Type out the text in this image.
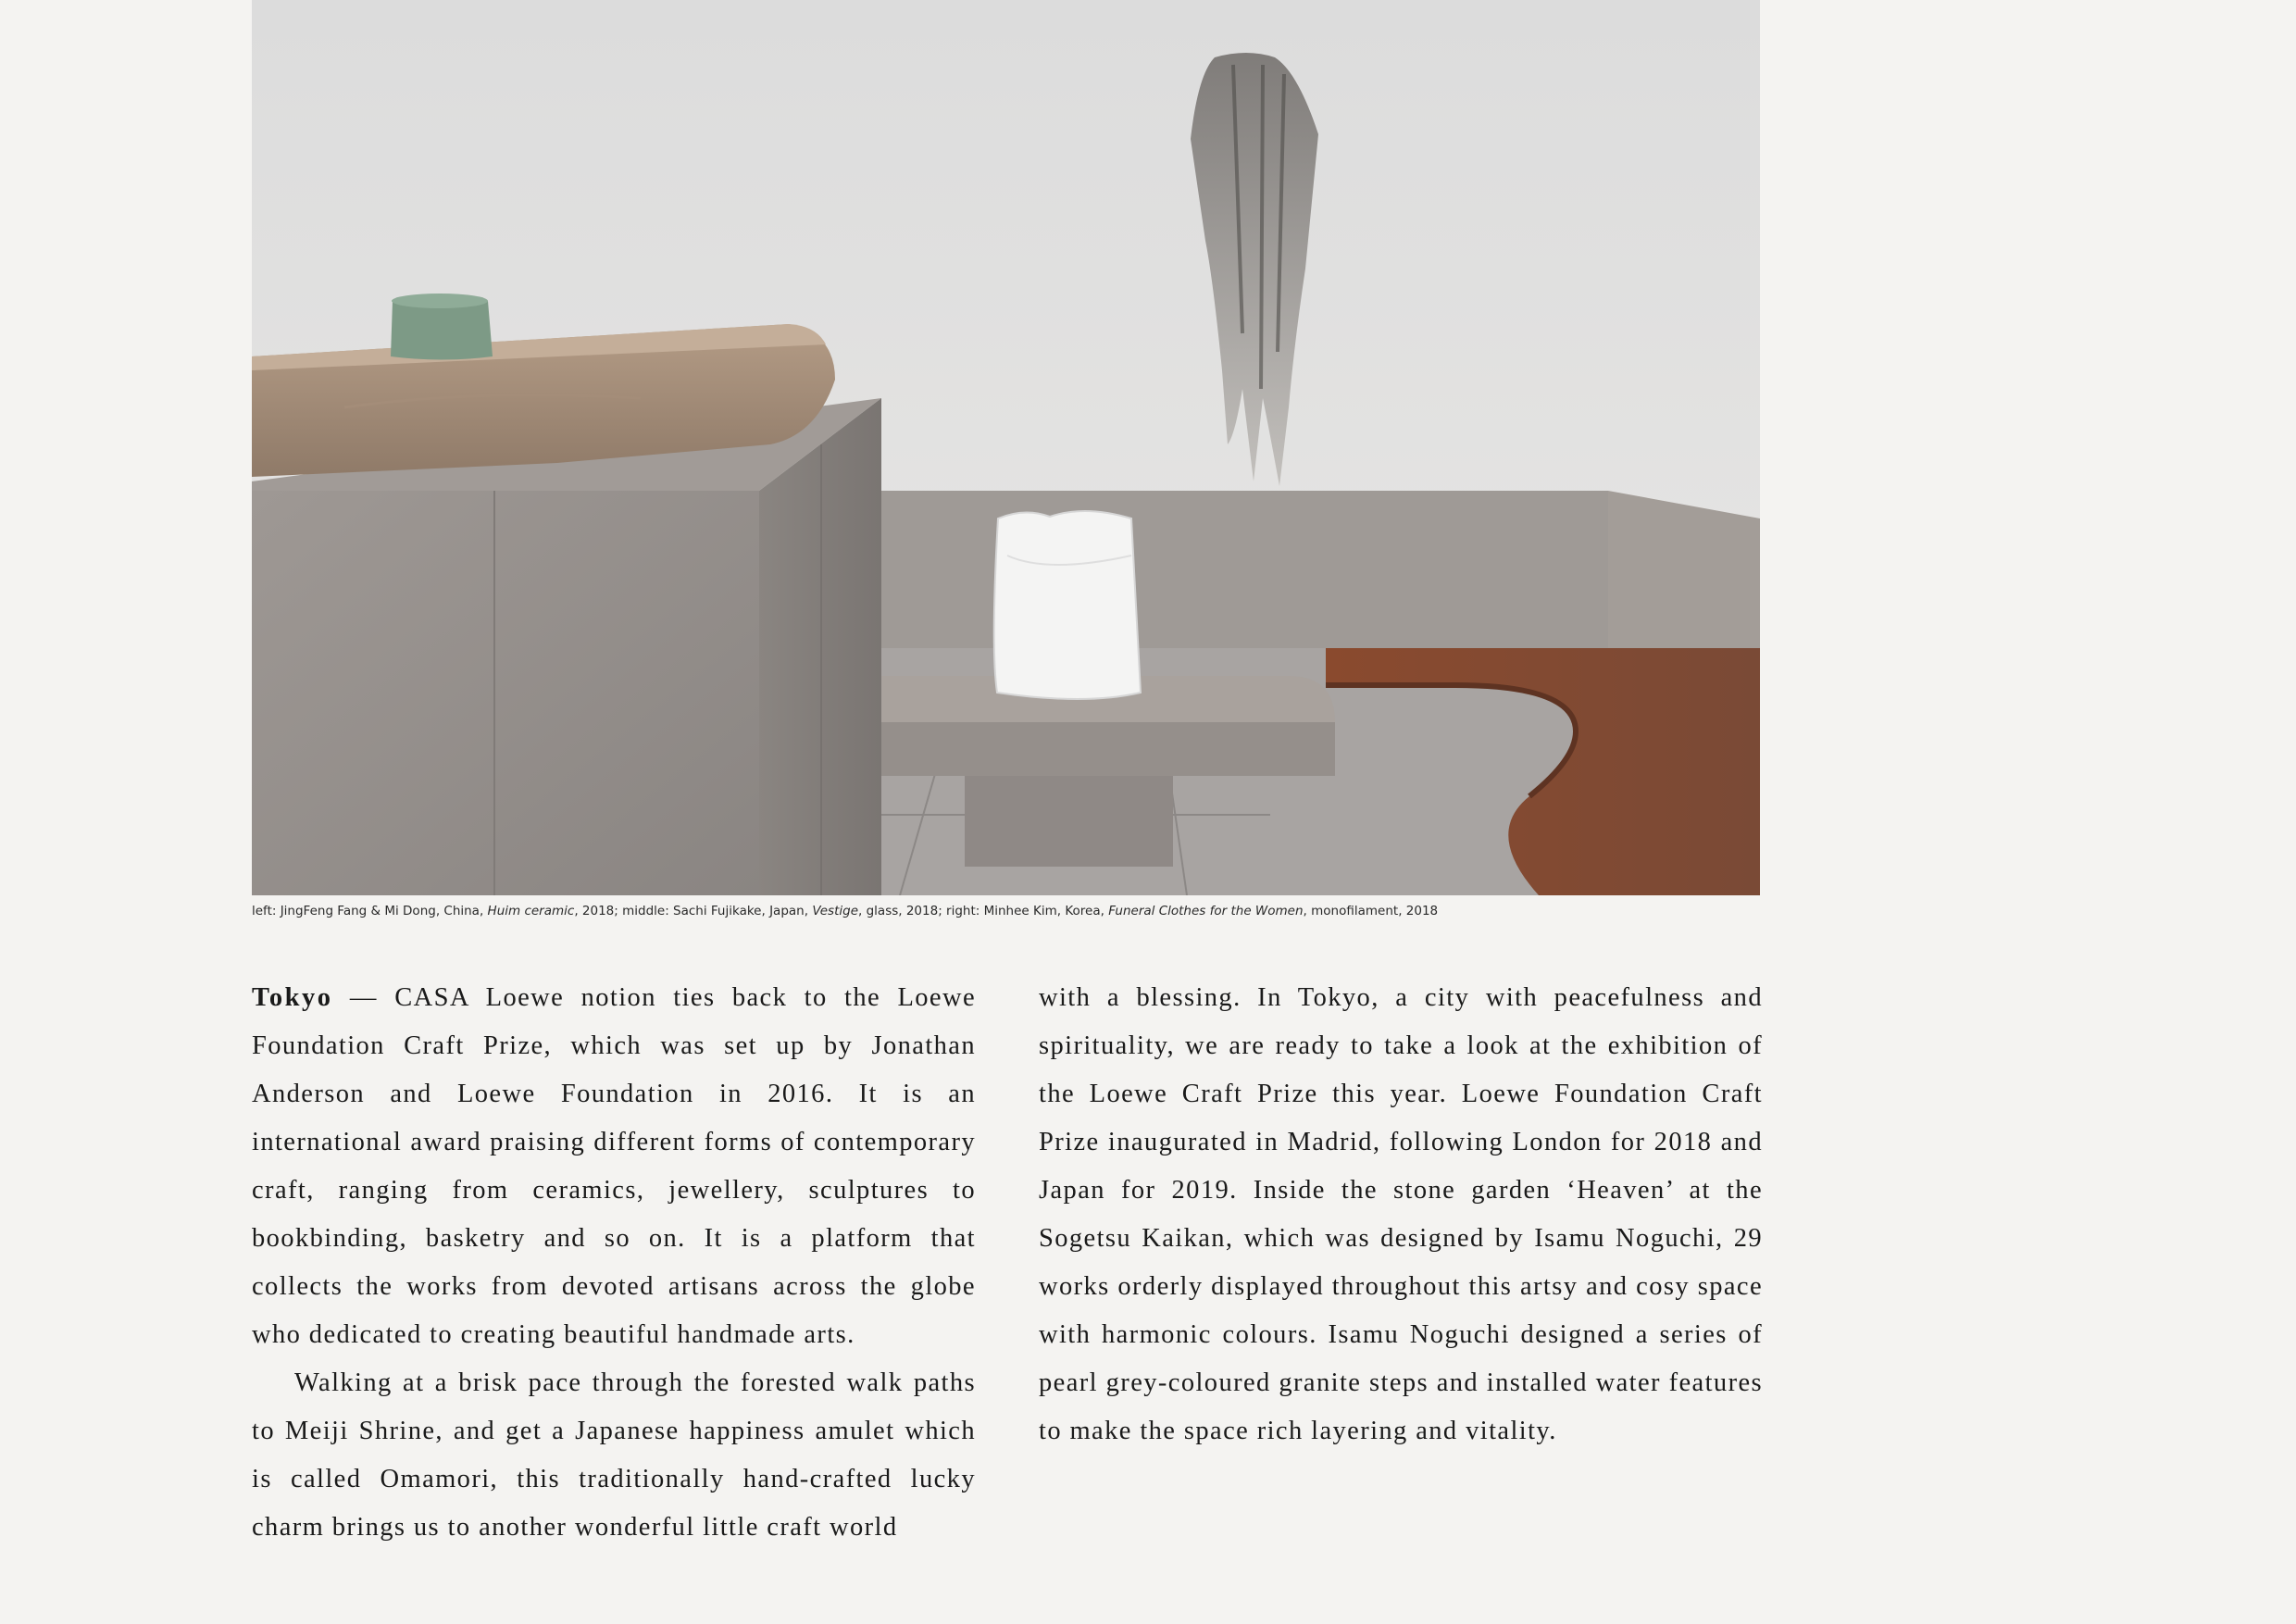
left: JingFeng Fang & Mi Dong, China, Huim ceramic, 2018; middle: Sachi Fujikake, Japan, Vestige, glass, 2018; right: Minhee Kim, Korea, Funeral Clothes for the Women, monofilament, 2018

Tokyo — CASA Loewe notion ties back to the Loewe Foundation Craft Prize, which was set up by Jonathan Anderson and Loewe Foundation in 2016. It is an international award praising different forms of contemporary craft, ranging from ceramics, jewellery, sculptures to bookbinding, basketry and so on. It is a platform that collects the works from devoted artisans across the globe who dedicated to creating beautiful handmade arts.

Walking at a brisk pace through the forested walk paths to Meiji Shrine, and get a Japanese happiness amulet which is called Omamori, this traditionally hand-crafted lucky charm brings us to another wonderful little craft world

with a blessing. In Tokyo, a city with peacefulness and spirituality, we are ready to take a look at the exhibition of the Loewe Craft Prize this year. Loewe Foundation Craft Prize inaugurated in Madrid, following London for 2018 and Japan for 2019. Inside the stone garden ‘Heaven’ at the Sogetsu Kaikan, which was designed by Isamu Noguchi, 29 works orderly displayed throughout this artsy and cosy space with harmonic colours. Isamu Noguchi designed a series of pearl grey-coloured granite steps and installed water features to make the space rich layering and vitality.
